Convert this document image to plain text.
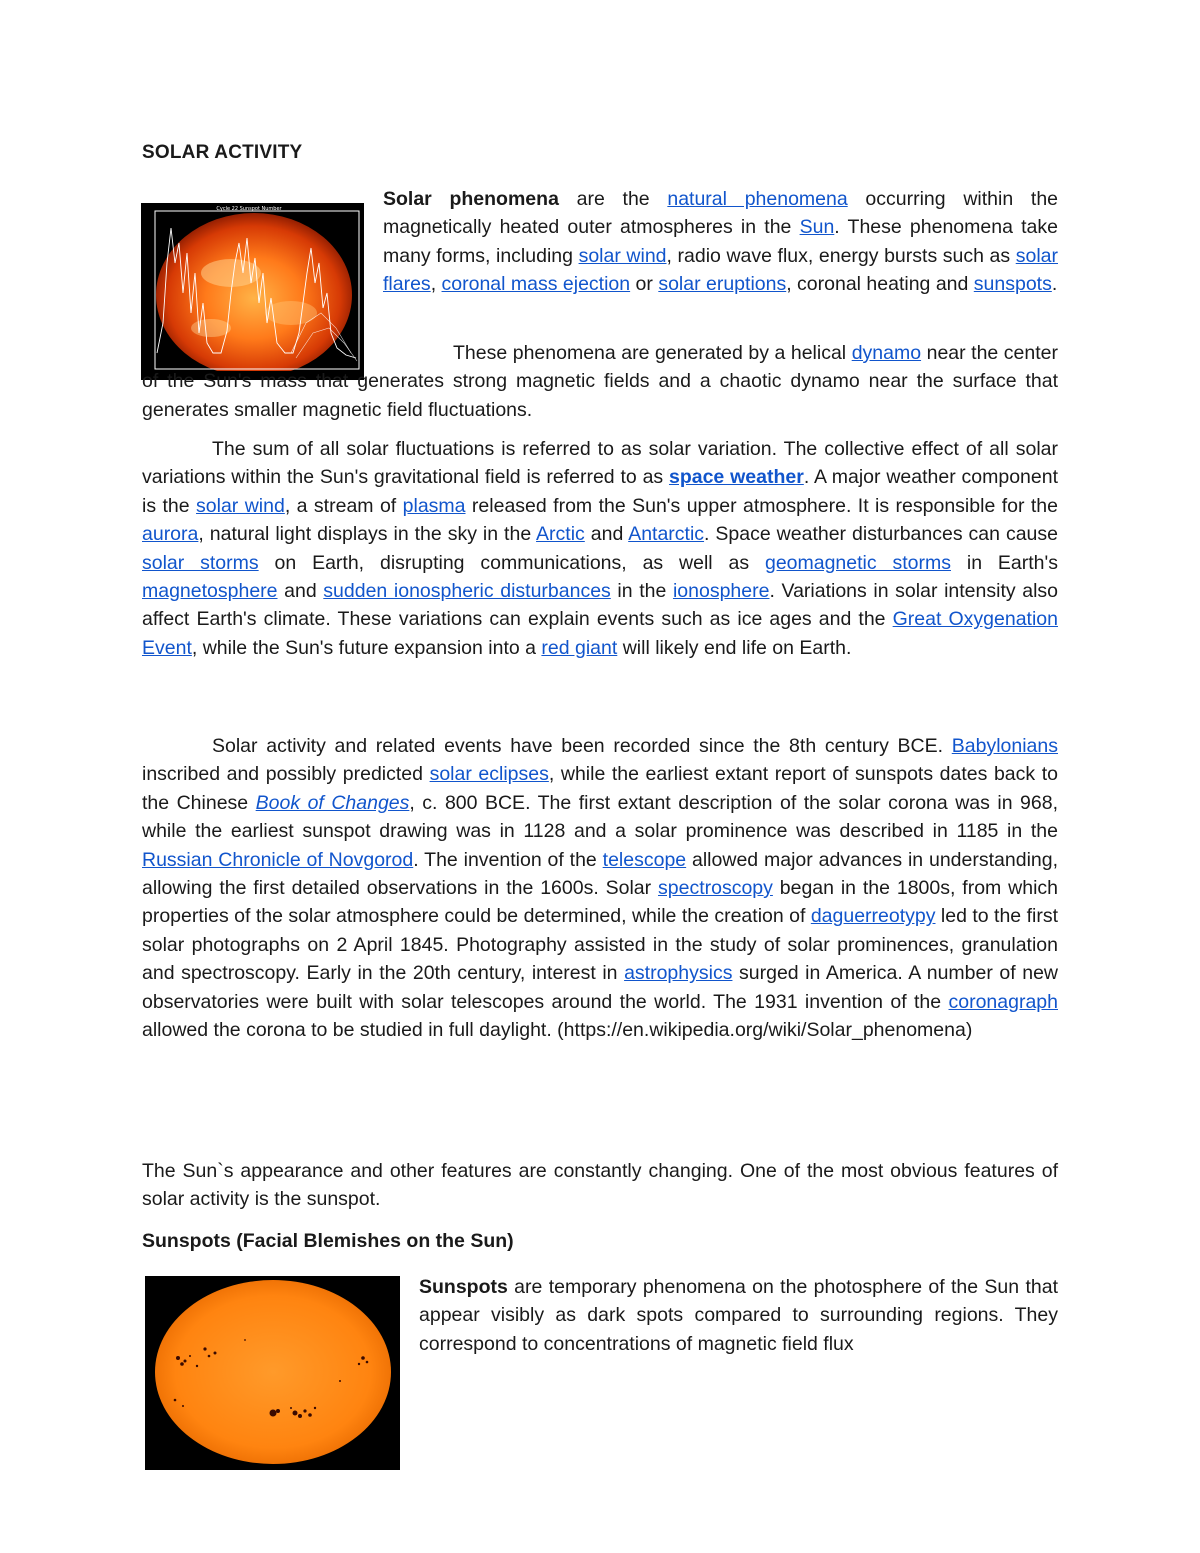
SOLAR ACTIVITY
Cycle 22 Sunspot Number	Solar phenomena are the natural phenomena occurring within the magnetically heated outer atmospheres in the Sun. These phenomena take many forms, including solar wind, radio wave flux, energy bursts such as solar flares, coronal mass ejection or solar eruptions, coronal heating and sunspots.

These phenomena are generated by a helical dynamo near the center of the Sun's mass that generates strong magnetic fields and a chaotic dynamo near the surface that generates smaller magnetic field fluctuations.

The sum of all solar fluctuations is referred to as solar variation. The collective effect of all solar variations within the Sun's gravitational field is referred to as space weather. A major weather component is the solar wind, a stream of plasma released from the Sun's upper atmosphere. It is responsible for the aurora, natural light displays in the sky in the Arctic and Antarctic. Space weather disturbances can cause solar storms on Earth, disrupting communications, as well as geomagnetic storms in Earth's magnetosphere and sudden ionospheric disturbances in the ionosphere. Variations in solar intensity also affect Earth's climate. These variations can explain events such as ice ages and the Great Oxygenation Event, while the Sun's future expansion into a red giant will likely end life on Earth.

Solar activity and related events have been recorded since the 8th century BCE. Babylonians inscribed and possibly predicted solar eclipses, while the earliest extant report of sunspots dates back to the Chinese Book of Changes, c. 800 BCE. The first extant description of the solar corona was in 968, while the earliest sunspot drawing was in 1128 and a solar prominence was described in 1185 in the Russian Chronicle of Novgorod. The invention of the telescope allowed major advances in understanding, allowing the first detailed observations in the 1600s. Solar spectroscopy began in the 1800s, from which properties of the solar atmosphere could be determined, while the creation of daguerreotypy led to the first solar photographs on 2 April 1845. Photography assisted in the study of solar prominences, granulation and spectroscopy. Early in the 20th century, interest in astrophysics surged in America. A number of new observatories were built with solar telescopes around the world. The 1931 invention of the coronagraph allowed the corona to be studied in full daylight. (https://en.wikipedia.org/wiki/Solar_phenomena)

The Sun`s appearance and other features are constantly changing. One of the most obvious features of solar activity is the sunspot.

Sunspots (Facial Blemishes on the Sun)

Sunspots are temporary phenomena on the photosphere of the Sun that appear visibly as dark spots compared to surrounding regions. They correspond to concentrations of magnetic field flux
